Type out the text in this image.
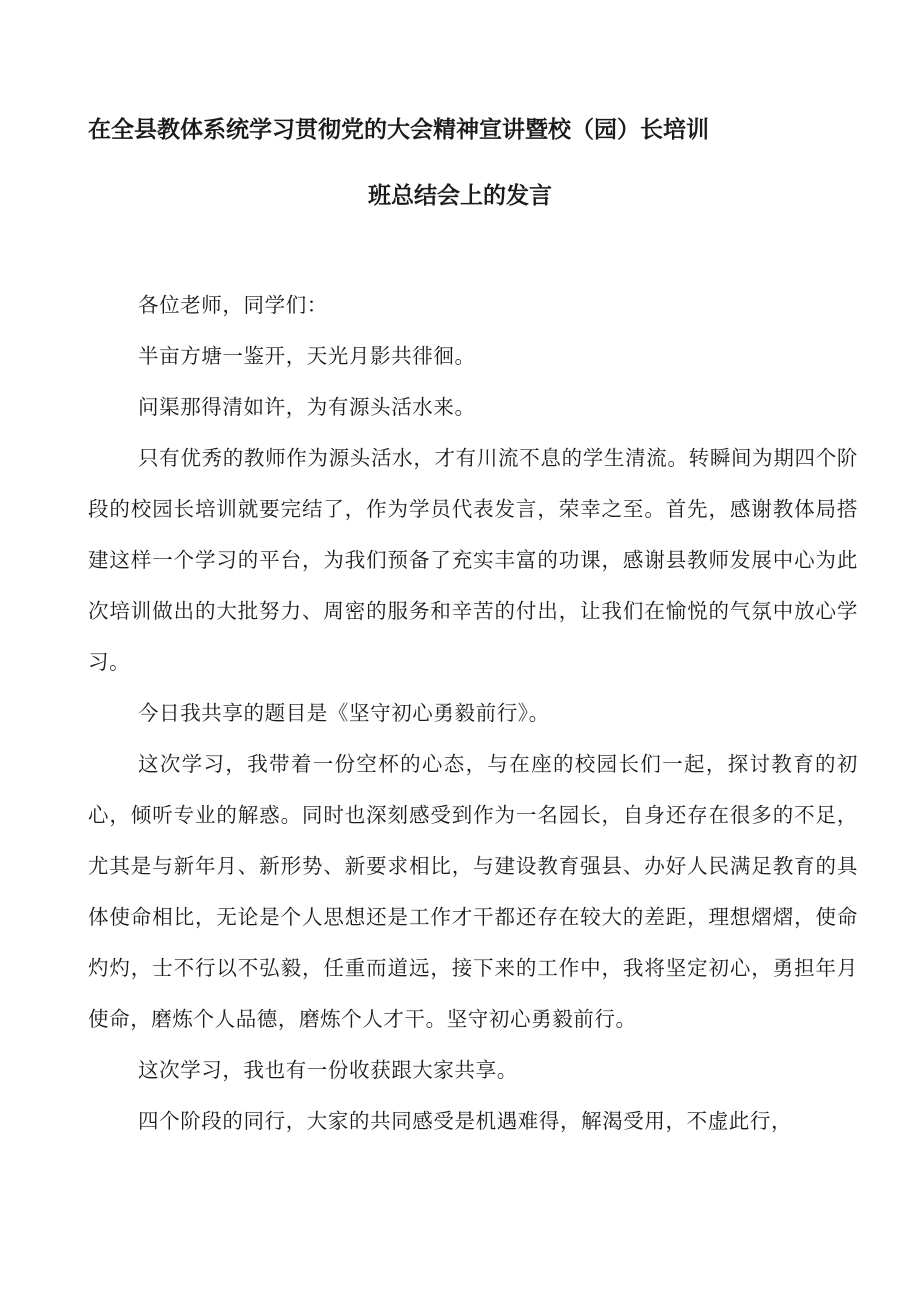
在全县教体系统学习贯彻党的大会精神宣讲暨校（园）长培训
班总结会上的发言

各位老师，同学们：

半亩方塘一鉴开，天光月影共徘徊。

问渠那得清如许，为有源头活水来。

只有优秀的教师作为源头活水，才有川流不息的学生清流。转瞬间为期四个阶段的校园长培训就要完结了，作为学员代表发言，荣幸之至。首先，感谢教体局搭建这样一个学习的平台，为我们预备了充实丰富的功课，感谢县教师发展中心为此次培训做出的大批努力、周密的服务和辛苦的付出，让我们在愉悦的气氛中放心学习。

今日我共享的题目是《坚守初心勇毅前行》。

这次学习，我带着一份空杯的心态，与在座的校园长们一起，探讨教育的初心，倾听专业的解惑。同时也深刻感受到作为一名园长，自身还存在很多的不足，尤其是与新年月、新形势、新要求相比，与建设教育强县、办好人民满足教育的具体使命相比，无论是个人思想还是工作才干都还存在较大的差距，理想熠熠，使命灼灼，士不行以不弘毅，任重而道远，接下来的工作中，我将坚定初心，勇担年月使命，磨炼个人品德，磨炼个人才干。坚守初心勇毅前行。

这次学习，我也有一份收获跟大家共享。

四个阶段的同行，大家的共同感受是机遇难得，解渴受用，不虚此行，
